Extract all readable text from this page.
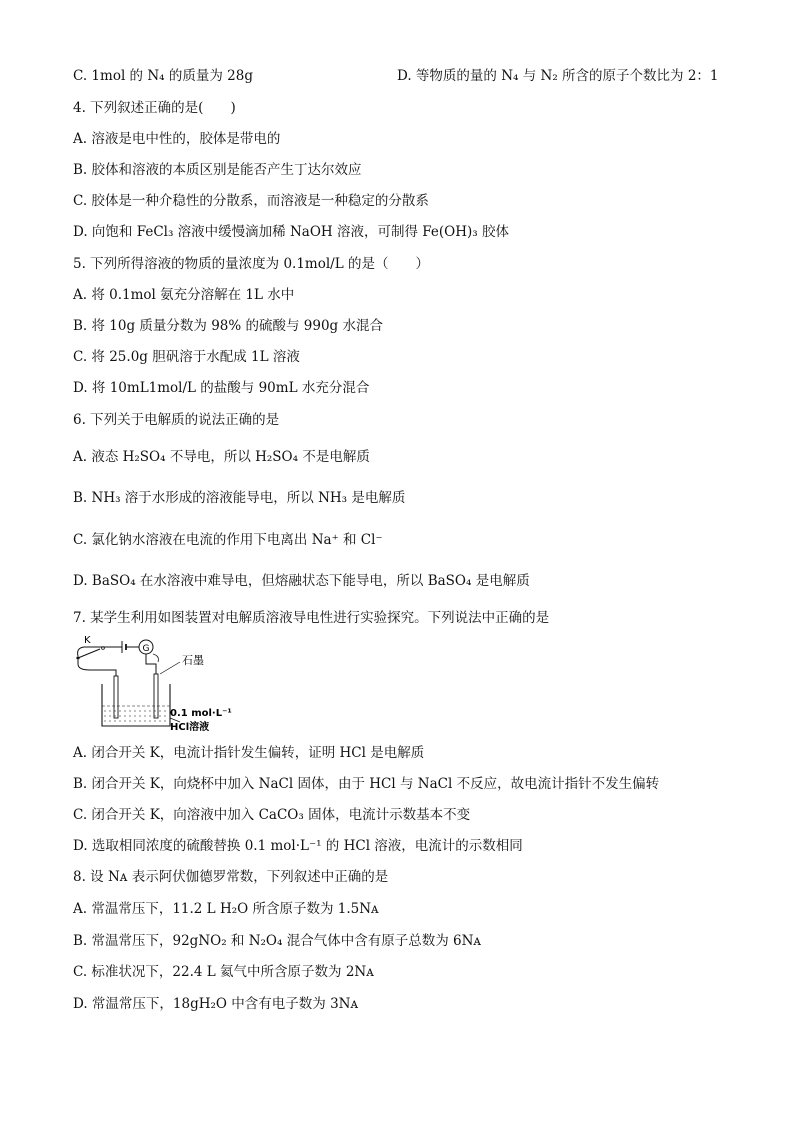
C. 1mol 的 N₄ 的质量为 28g	D. 等物质的量的 N₄ 与 N₂ 所含的原子个数比为 2：1
4. 下列叙述正确的是(　　)
A. 溶液是电中性的，胶体是带电的
B. 胶体和溶液的本质区别是能否产生丁达尔效应
C. 胶体是一种介稳性的分散系，而溶液是一种稳定的分散系
D. 向饱和 FeCl₃ 溶液中缓慢滴加稀 NaOH 溶液，可制得 Fe(OH)₃ 胶体
5. 下列所得溶液的物质的量浓度为 0.1mol/L 的是（　　）
A. 将 0.1mol 氨充分溶解在 1L 水中
B. 将 10g 质量分数为 98% 的硫酸与 990g 水混合
C. 将 25.0g 胆矾溶于水配成 1L 溶液
D. 将 10mL1mol/L 的盐酸与 90mL 水充分混合
6. 下列关于电解质的说法正确的是
A. 液态 H₂SO₄ 不导电，所以 H₂SO₄ 不是电解质
B. NH₃ 溶于水形成的溶液能导电，所以 NH₃ 是电解质
C. 氯化钠水溶液在电流的作用下电离出 Na⁺ 和 Cl⁻
D. BaSO₄ 在水溶液中难导电，但熔融状态下能导电，所以 BaSO₄ 是电解质
7. 某学生利用如图装置对电解质溶液导电性进行实验探究。下列说法中正确的是
G
K
石墨
0.1 mol·L⁻¹
HCl溶液
A. 闭合开关 K，电流计指针发生偏转，证明 HCl 是电解质
B. 闭合开关 K，向烧杯中加入 NaCl 固体，由于 HCl 与 NaCl 不反应，故电流计指针不发生偏转
C. 闭合开关 K，向溶液中加入 CaCO₃ 固体，电流计示数基本不变
D. 选取相同浓度的硫酸替换 0.1 mol·L⁻¹ 的 HCl 溶液，电流计的示数相同
8. 设 Nᴀ 表示阿伏伽德罗常数，下列叙述中正确的是
A. 常温常压下，11.2 L H₂O 所含原子数为 1.5Nᴀ
B. 常温常压下，92gNO₂ 和 N₂O₄ 混合气体中含有原子总数为 6Nᴀ
C. 标准状况下，22.4 L 氦气中所含原子数为 2Nᴀ
D. 常温常压下，18gH₂O 中含有电子数为 3Nᴀ
